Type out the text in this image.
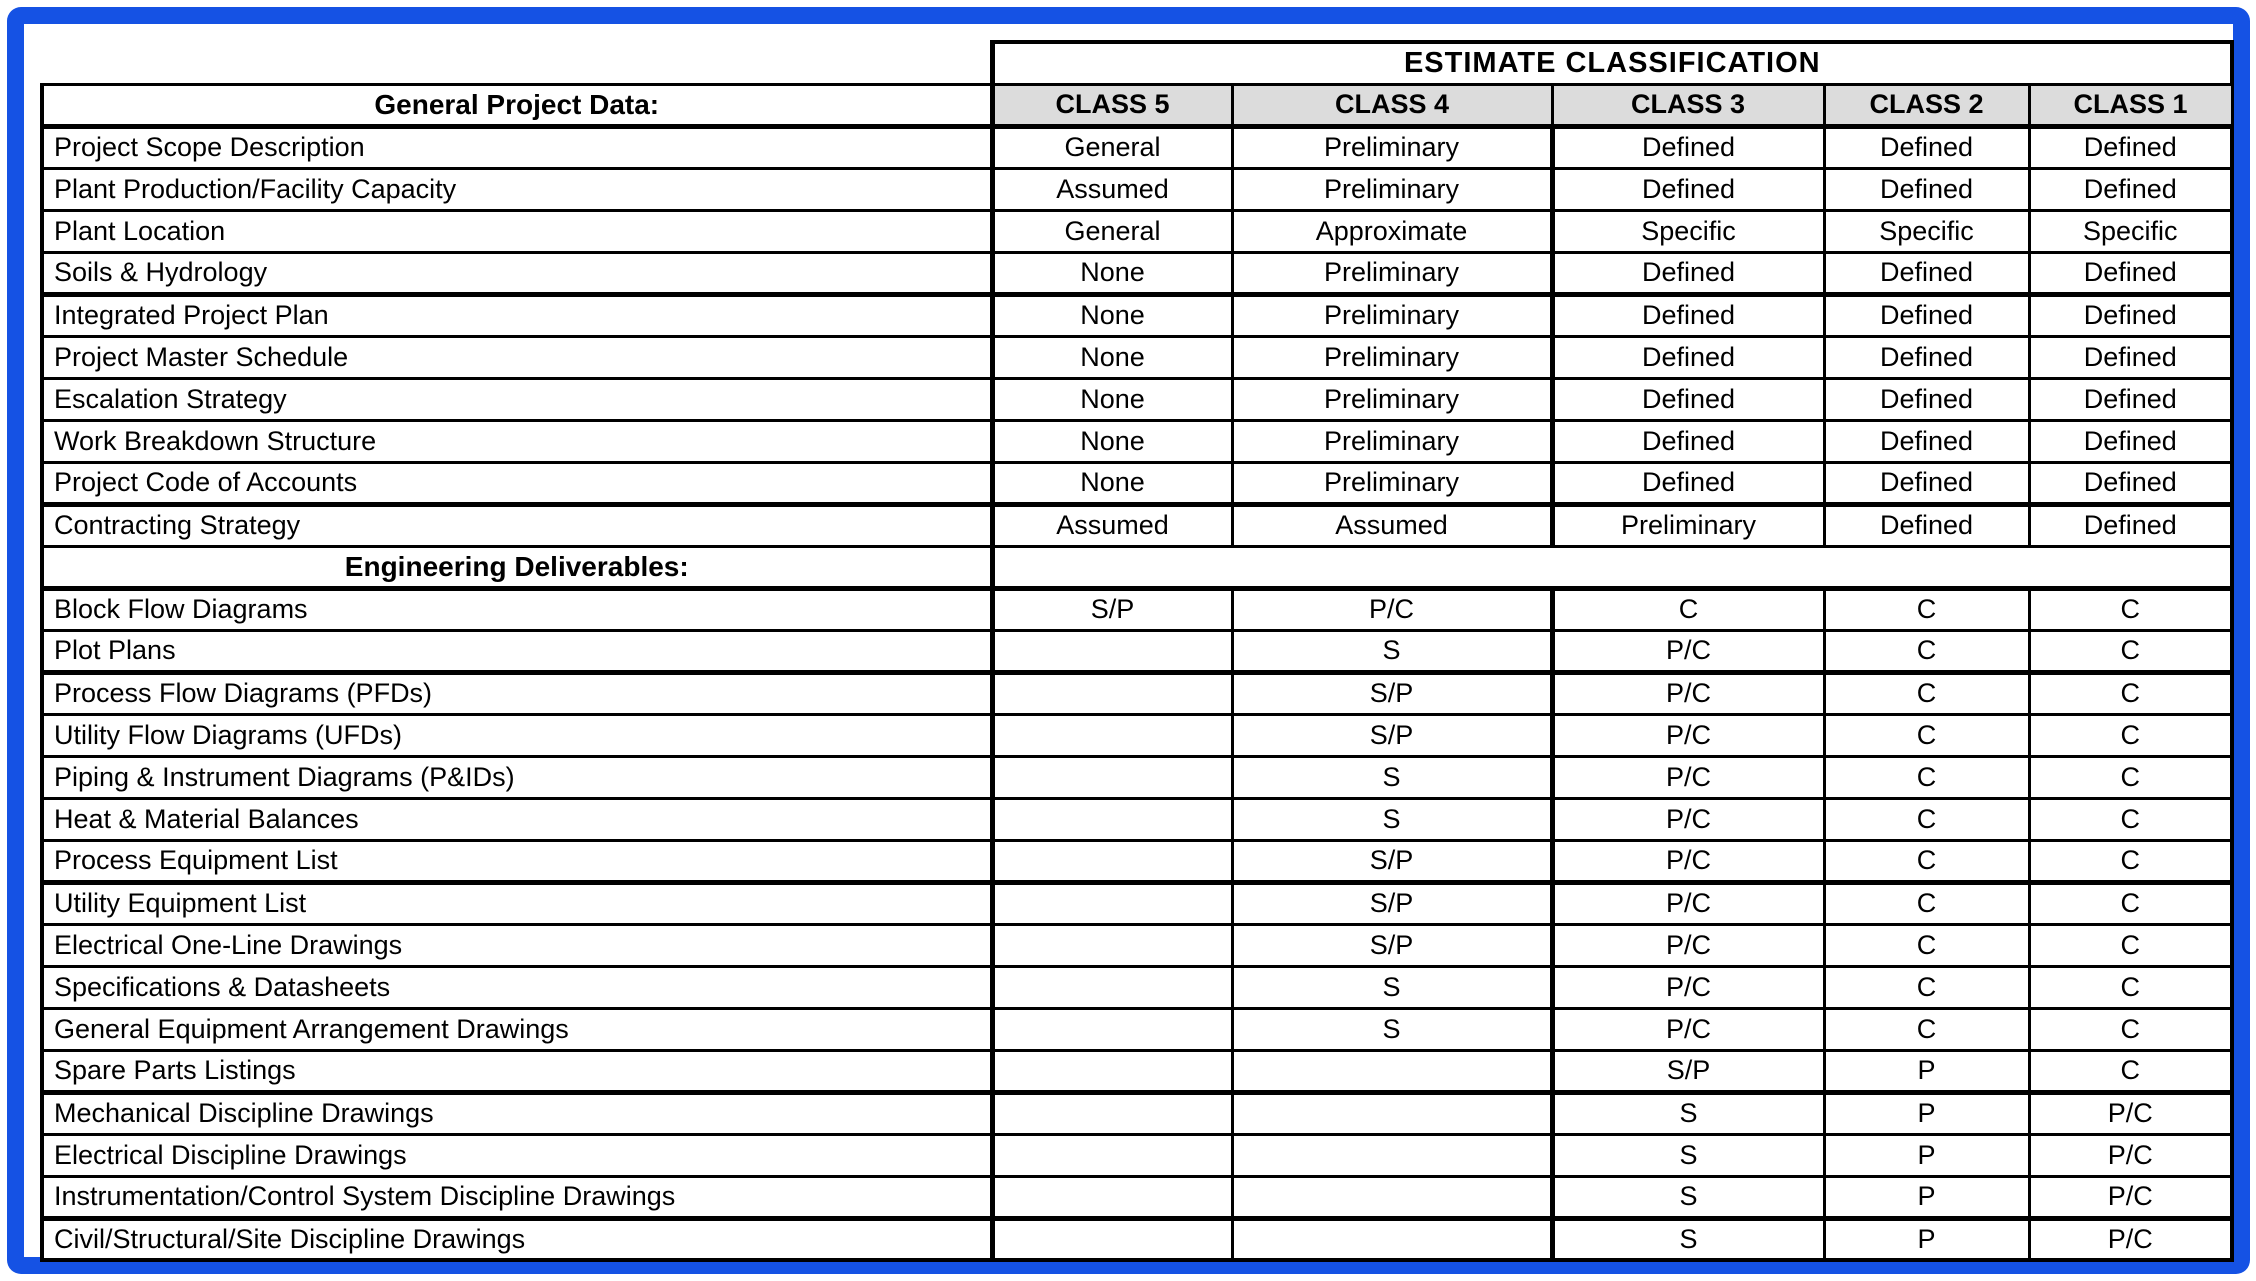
	ESTIMATE CLASSIFICATION				
General Project Data:	CLASS 5	CLASS 4	CLASS 3	CLASS 2	CLASS 1
Project Scope Description	General	Preliminary	Defined	Defined	Defined
Plant Production/Facility Capacity	Assumed	Preliminary	Defined	Defined	Defined
Plant Location	General	Approximate	Specific	Specific	Specific
Soils & Hydrology	None	Preliminary	Defined	Defined	Defined
Integrated Project Plan	None	Preliminary	Defined	Defined	Defined
Project Master Schedule	None	Preliminary	Defined	Defined	Defined
Escalation Strategy	None	Preliminary	Defined	Defined	Defined
Work Breakdown Structure	None	Preliminary	Defined	Defined	Defined
Project Code of Accounts	None	Preliminary	Defined	Defined	Defined
Contracting Strategy	Assumed	Assumed	Preliminary	Defined	Defined
Engineering Deliverables:					
Block Flow Diagrams	S/P	P/C	C	C	C
Plot Plans		S	P/C	C	C
Process Flow Diagrams (PFDs)		S/P	P/C	C	C
Utility Flow Diagrams (UFDs)		S/P	P/C	C	C
Piping & Instrument Diagrams (P&IDs)		S	P/C	C	C
Heat & Material Balances		S	P/C	C	C
Process Equipment List		S/P	P/C	C	C
Utility Equipment List		S/P	P/C	C	C
Electrical One-Line Drawings		S/P	P/C	C	C
Specifications & Datasheets		S	P/C	C	C
General Equipment Arrangement Drawings		S	P/C	C	C
Spare Parts Listings			S/P	P	C
Mechanical Discipline Drawings			S	P	P/C
Electrical Discipline Drawings			S	P	P/C
Instrumentation/Control System Discipline Drawings			S	P	P/C
Civil/Structural/Site Discipline Drawings			S	P	P/C
